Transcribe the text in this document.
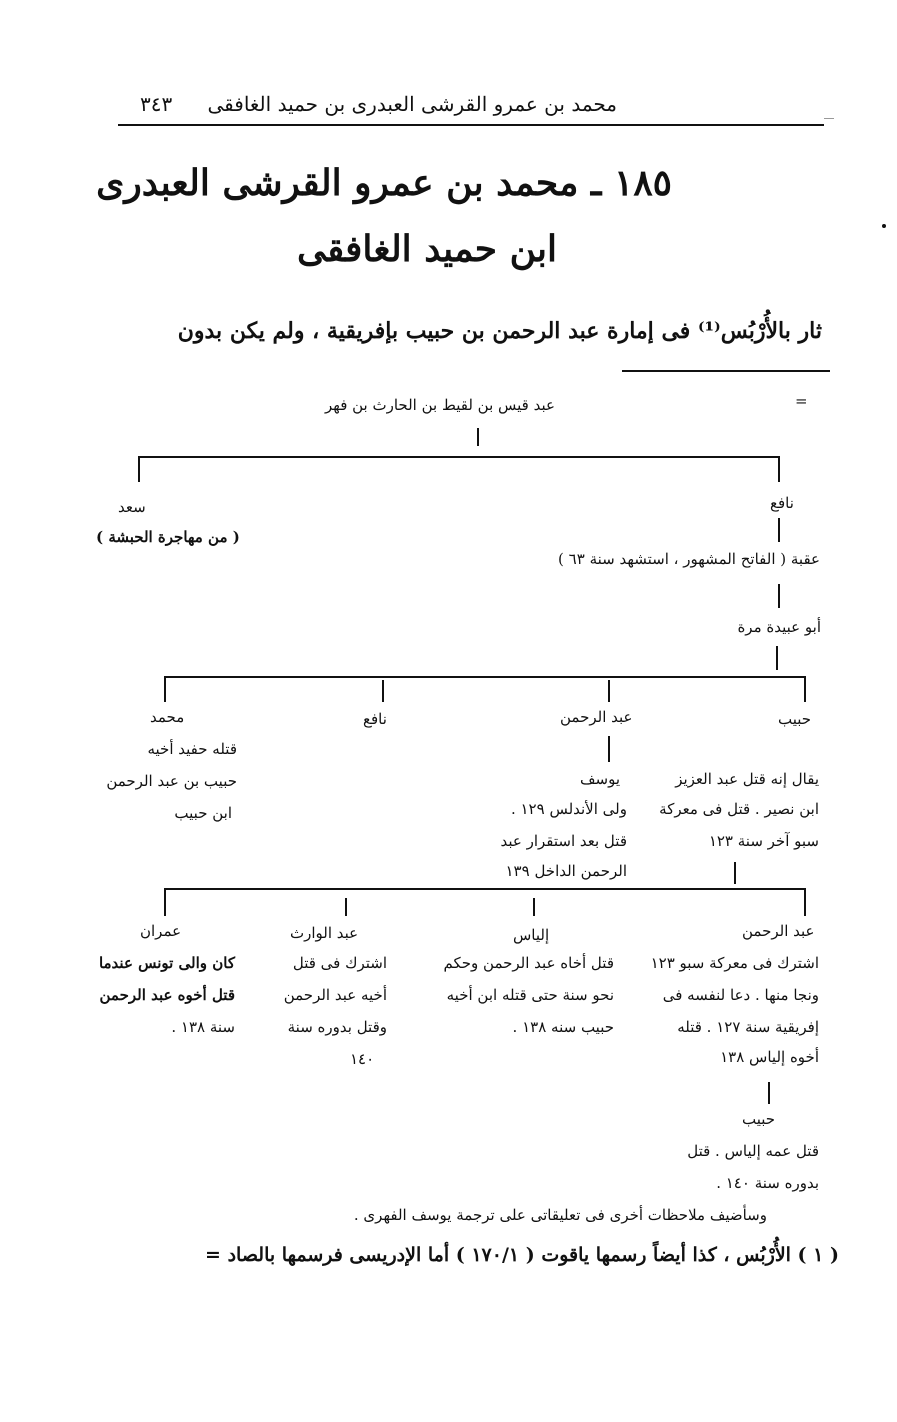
٣٤٣ محمد بن عمرو القرشى العبدرى بن حميد الغافقى
١٨٥ ـ محمد بن عمرو القرشى العبدرى
ابن حميد الغافقى
ثار بالأُرْبُس⁽¹⁾ فى إمارة عبد الرحمن بن حبيب بإفريقية ، ولم يكن بدون
=
عبد قيس بن لقيط بن الحارث بن فهر
نافع
سعد
( من مهاجرة الحبشة )
عقبة ( الفاتح المشهور ، استشهد سنة ٦٣ )
أبو عبيدة مرة
حبيب
عبد الرحمن
نافع
محمد
يقال إنه قتل عبد العزيز
ابن نصير . قتل فى معركة
سبو آخر سنة ١٢٣
يوسف
ولى الأندلس ١٢٩ .
قتل بعد استقرار عبد
الرحمن الداخل ١٣٩
قتله حفيد أخيه
حبيب بن عبد الرحمن
ابن حبيب
عبد الرحمن
إلياس
عبد الوارث
عمران
اشترك فى معركة سبو ١٢٣
ونجا منها . دعا لنفسه فى
إفريقية سنة ١٢٧ . قتله
أخوه إلياس ١٣٨
قتل أخاه عبد الرحمن وحكم
نحو سنة حتى قتله ابن أخيه
حبيب سنه ١٣٨ .
اشترك فى قتل
أخيه عبد الرحمن
وقتل بدوره سنة
١٤٠
كان والى تونس عندما
قتل أخوه عبد الرحمن
سنة ١٣٨ .
حبيب
قتل عمه إلياس . قتل
بدوره سنة ١٤٠ .
وسأضيف ملاحظات أخرى فى تعليقاتى على ترجمة يوسف الفهرى .
( ١ ) الأُرْبُس ، كذا أيضاً رسمها ياقوت ( ١٧٠/١ ) أما الإدريسى فرسمها بالصاد =
